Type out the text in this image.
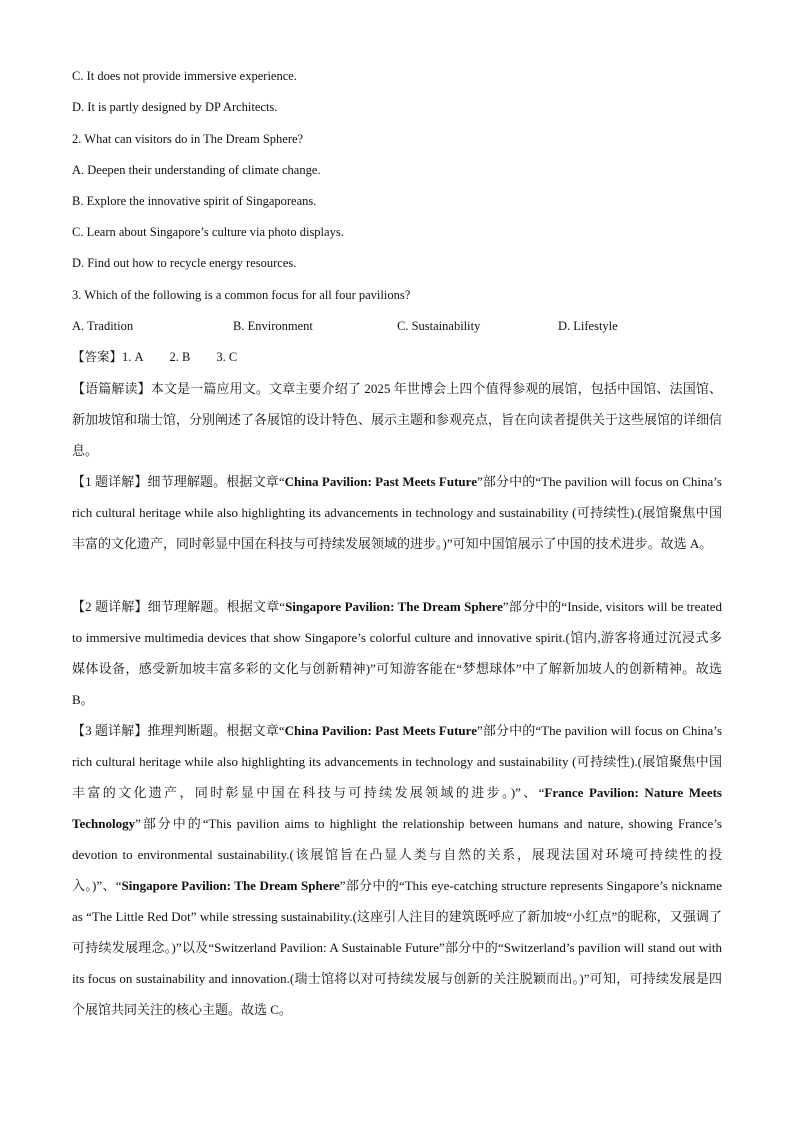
C. It does not provide immersive experience.
D. It is partly designed by DP Architects.
2. What can visitors do in The Dream Sphere?
A. Deepen their understanding of climate change.
B. Explore the innovative spirit of Singaporeans.
C. Learn about Singapore’s culture via photo displays.
D. Find out how to recycle energy resources.
3. Which of the following is a common focus for all four pavilions?
A. Tradition	B. Environment	C. Sustainability	D. Lifestyle
【答案】1. A 2. B 3. C
【语篇解读】本文是一篇应用文。文章主要介绍了 2025 年世博会上四个值得参观的展馆，包括中国馆、法国馆、新加坡馆和瑞士馆，分别阐述了各展馆的设计特色、展示主题和参观亮点，旨在向读者提供关于这些展馆的详细信息。
【1 题详解】细节理解题。根据文章“China Pavilion: Past Meets Future”部分中的“The pavilion will focus on China’s rich cultural heritage while also highlighting its advancements in technology and sustainability (可持续性).(展馆聚焦中国丰富的文化遗产，同时彰显中国在科技与可持续发展领域的进步。)”可知中国馆展示了中国的技术进步。故选 A。
【2 题详解】细节理解题。根据文章“Singapore Pavilion: The Dream Sphere”部分中的“Inside, visitors will be treated to immersive multimedia devices that show Singapore’s colorful culture and innovative spirit.(馆内,游客将通过沉浸式多媒体设备，感受新加坡丰富多彩的文化与创新精神)”可知游客能在“梦想球体”中了解新加坡人的创新精神。故选 B。
【3 题详解】推理判断题。根据文章“China Pavilion: Past Meets Future”部分中的“The pavilion will focus on China’s rich cultural heritage while also highlighting its advancements in technology and sustainability (可持续性).(展馆聚焦中国丰富的文化遗产，同时彰显中国在科技与可持续发展领域的进步。)”、“France Pavilion: Nature Meets Technology”部分中的“This pavilion aims to highlight the relationship between humans and nature, showing France’s devotion to environmental sustainability.(该展馆旨在凸显人类与自然的关系，展现法国对环境可持续性的投入。)”、“Singapore Pavilion: The Dream Sphere”部分中的“This eye-catching structure represents Singapore’s nickname as “The Little Red Dot” while stressing sustainability.(这座引人注目的建筑既呼应了新加坡“小红点”的昵称，又强调了可持续发展理念。)”以及“Switzerland Pavilion: A Sustainable Future”部分中的“Switzerland’s pavilion will stand out with its focus on sustainability and innovation.(瑞士馆将以对可持续发展与创新的关注脱颖而出。)”可知，可持续发展是四个展馆共同关注的核心主题。故选 C。
